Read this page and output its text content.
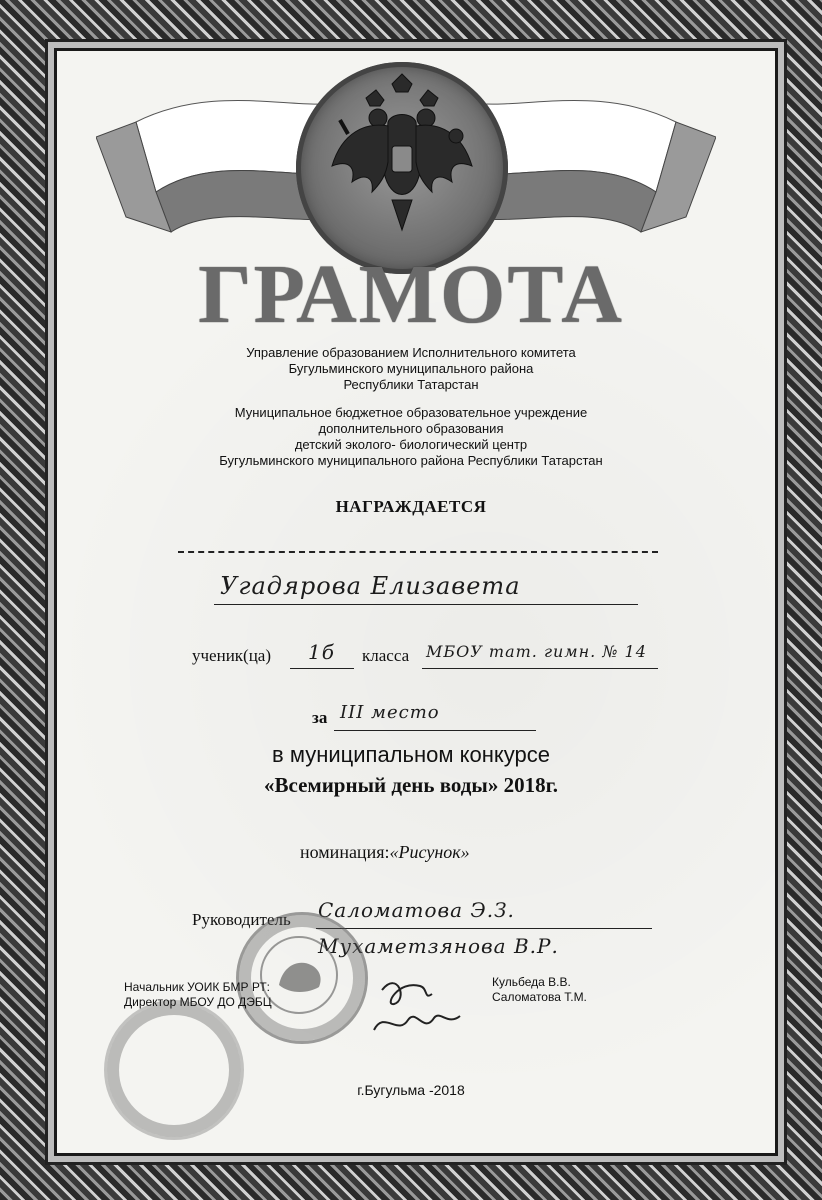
ГРАМОТА
Управление образованием Исполнительного комитета
Бугульминского муниципального района
Республики Татарстан
Муниципальное бюджетное образовательное учреждение
дополнительного образования
детский эколого- биологический центр
Бугульминского муниципального района Республики Татарстан
НАГРАЖДАЕТСЯ
Угадярова Елизавета
ученик(ца) 1б класса МБОУ тат. гимн. № 14
за III место
в муниципальном конкурсе
«Всемирный день воды» 2018г.
номинация:«Рисунок»
Руководитель Саломатова Э.З.
Мухаметзянова В.Р.
Начальник УОИК БМР РТ:
Директор МБОУ ДО ДЭБЦ
Кульбеда В.В.
Саломатова Т.М.
г.Бугульма -2018
